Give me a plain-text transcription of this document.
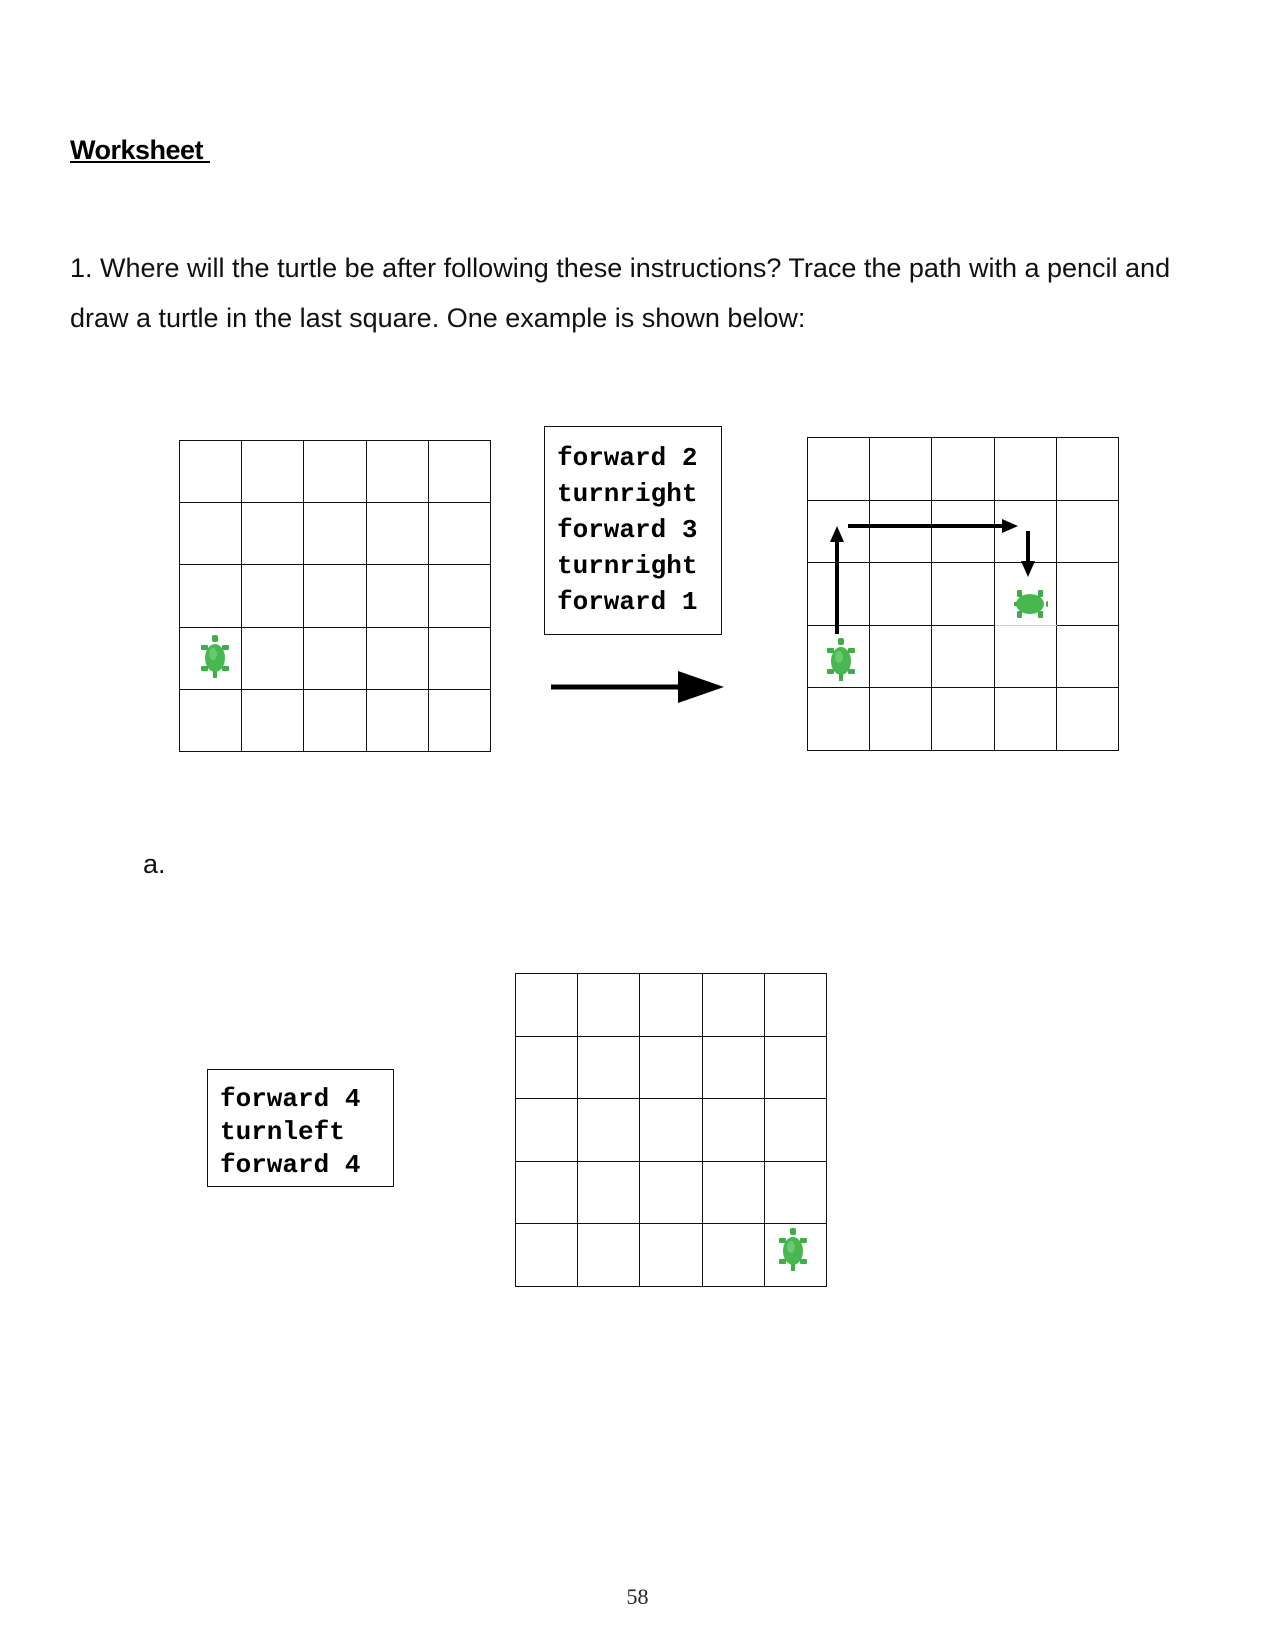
Worksheet
1. Where will the turtle be after following these instructions? Trace the path with a pencil and draw a turtle in the last square. One example is shown below:

forward 2
turnright
forward 3
turnright
forward 1

forward 4
turnleft
forward 4

a.
58
